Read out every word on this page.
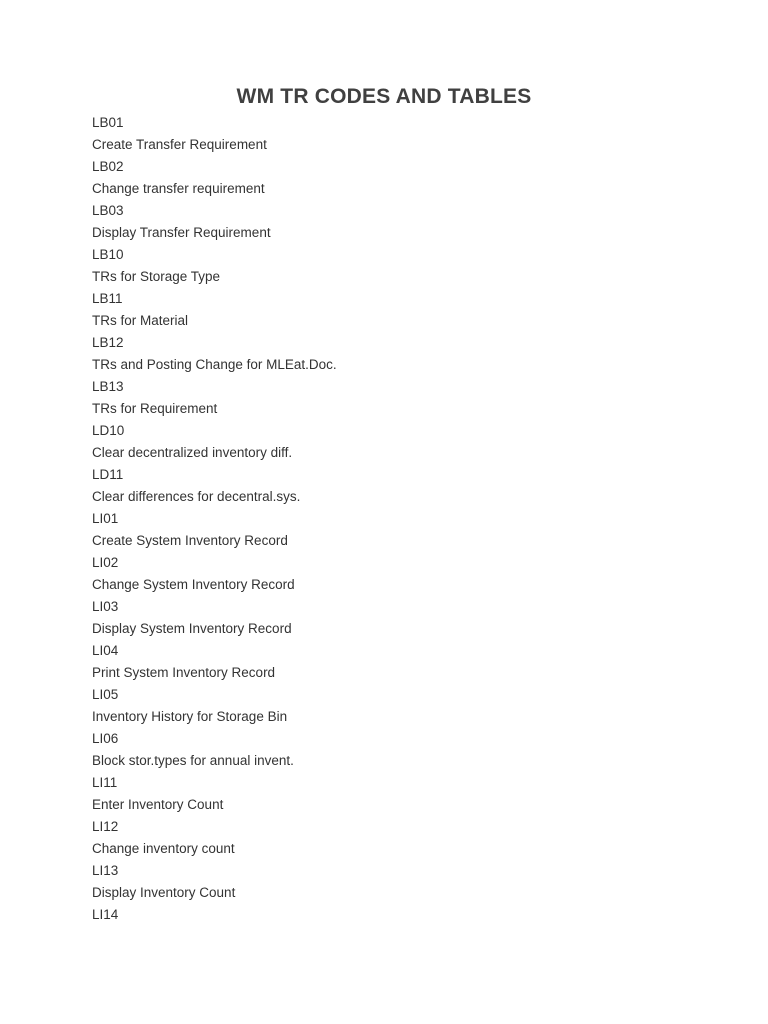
WM TR CODES AND TABLES
LB01
Create Transfer Requirement
LB02
Change transfer requirement
LB03
Display Transfer Requirement
LB10
TRs for Storage Type
LB11
TRs for Material
LB12
TRs and Posting Change for MLEat.Doc.
LB13
TRs for Requirement
LD10
Clear decentralized inventory diff.
LD11
Clear differences for decentral.sys.
LI01
Create System Inventory Record
LI02
Change System Inventory Record
LI03
Display System Inventory Record
LI04
Print System Inventory Record
LI05
Inventory History for Storage Bin
LI06
Block stor.types for annual invent.
LI11
Enter Inventory Count
LI12
Change inventory count
LI13
Display Inventory Count
LI14
